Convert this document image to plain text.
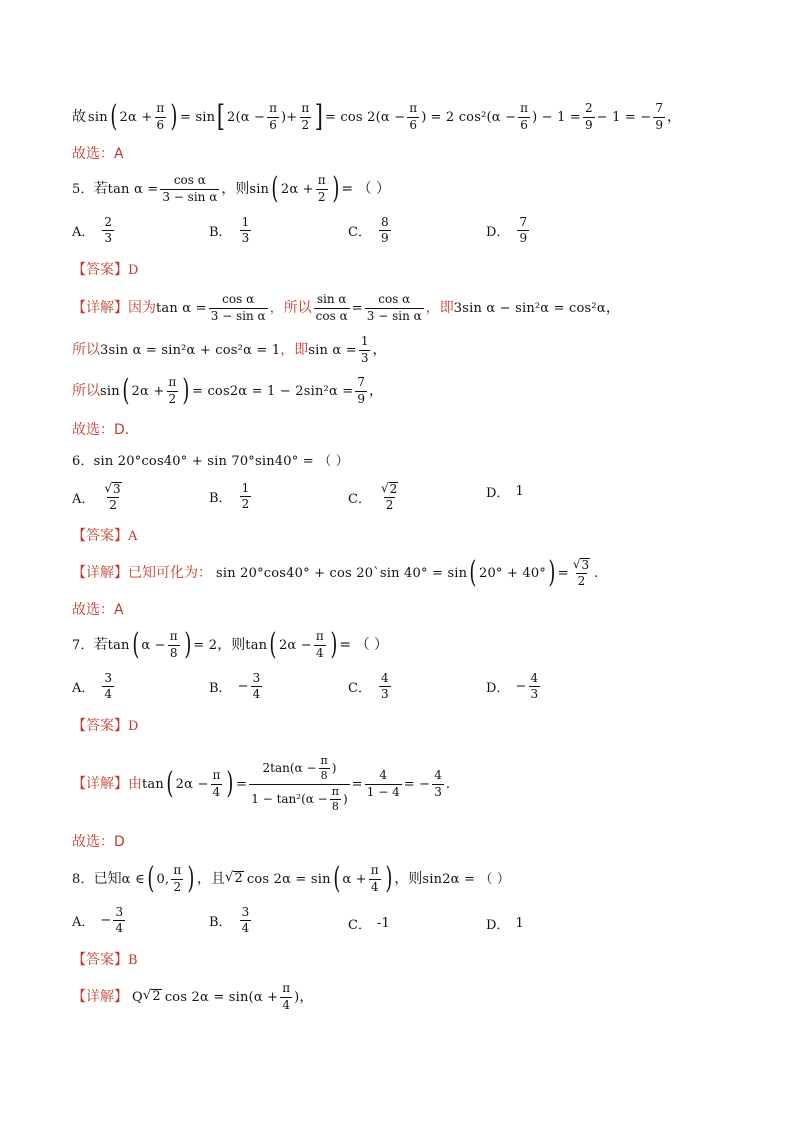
故 sin ( $2\alpha + \frac{\pi}{6}$ ) = sin [ $2(\alpha - \frac{\pi}{6}$ ) + $\frac{\pi}{2}$ ] = $\cos 2(\alpha - \frac{\pi}{6}$ ) = 2 $\cos^2(\alpha - \frac{\pi}{6}$ ) − $1 = \frac{2}{9} - 1$ = − $\frac{7}{9}$ ，
故选：A
5． 若 $\tan \alpha = \frac{\text{cos α}}{\text{3 − sin α}}$ ，则 sin ( $2\alpha + \frac{\pi}{2}$ ) = （ ）
A． $\frac{2}{3}$	B． $\frac{1}{3}$	C． $\frac{8}{9}$	D． $\frac{7}{9}$
【答案】 D
【详解】 因为 $\tan \alpha = \frac{\text{cos α}}{\text{3 − sin α}}$ ，所以 $\frac{\text{sin α}}{\text{cos α}} = \frac{\text{cos α}}{\text{3 − sin α}}$ ，即 3sin α − sin²α = cos²α ，
所以 3sin α = sin²α + cos²α = 1 ，即 $\sin \alpha = \frac{1}{3}$ ，
所以 sin ( $2\alpha + \frac{\pi}{2}$ ) = $\cos 2\alpha = 1 - 2\sin^2\alpha = \frac{7}{9}$ ，
故选：D．
6． sin 20°cos40° + sin 70°sin40° = （ ）
A． $\frac{√ 3}{2}$	B． $\frac{1}{2}$	C． $\frac{√ 2}{2}$	D． 1
【答案】 A
【详解】 已知可化为： sin 20°cos40° + cos 20`sin 40° = sin ( 20° + 40° ) = $\frac{√ 3}{2}$ .
故选：A
7． 若 tan ( $\alpha - \frac{\pi}{8}$ ) = 2 ，则 tan ( $2\alpha - \frac{\pi}{4}$ ) = （ ）
A． $\frac{3}{4}$	B． − $\frac{3}{4}$	C． $\frac{4}{3}$	D． − $\frac{4}{3}$
【答案】 D
【详解】 由 tan ( $2\alpha - \frac{\pi}{4}$ ) = $\frac{2\tan(\alpha - \frac{\pi}{8} )}{1 - \tan^2(\alpha - \frac{\pi}{8} )} = \frac{4}{1 - 4}$ = − $\frac{4}{3}$ .
故选：D
8． 已知 α ∈ ( 0, $\frac{\pi}{2}$ ) ，且 √ 2 cos 2α = sin ( $\alpha + \frac{\pi}{4}$ ) ，则 sin2α = （ ）
A． − $\frac{3}{4}$	B． $\frac{3}{4}$	C． -1	D． 1
【答案】 B
【详解】 Q √ 2 $\cos 2\alpha = \sin(\alpha + \frac{\pi}{4}$ ) ，
